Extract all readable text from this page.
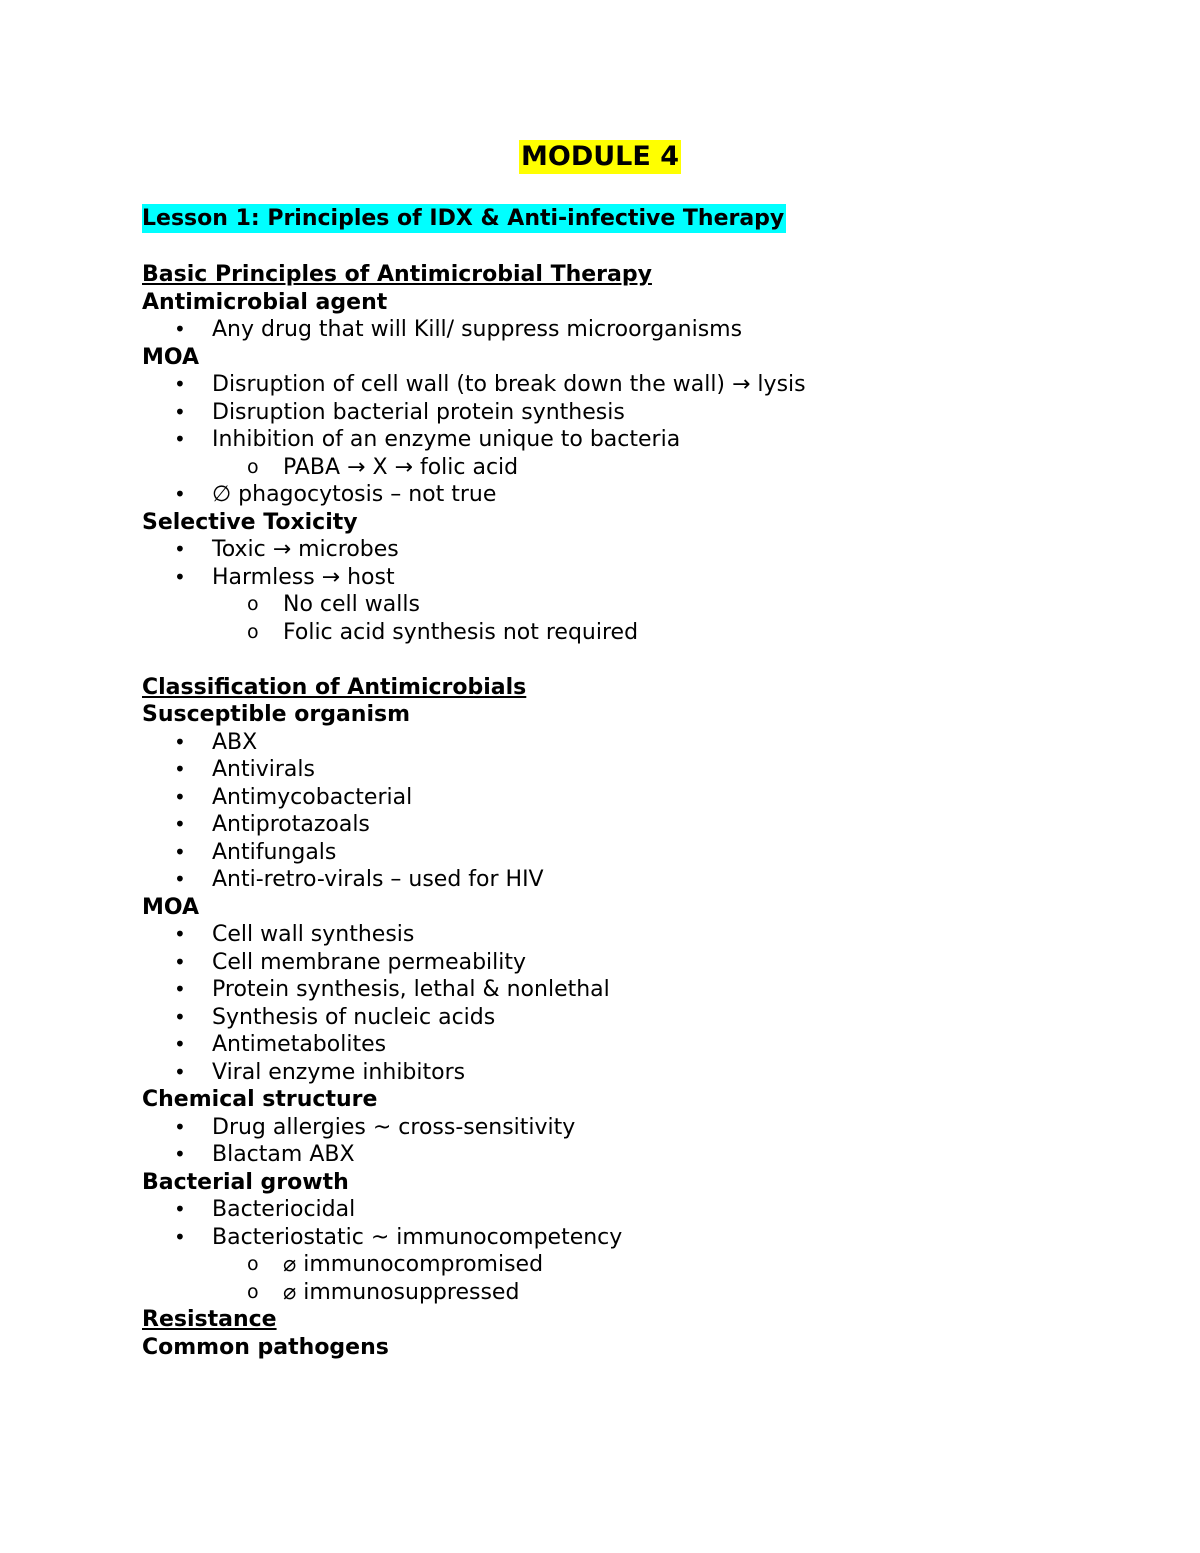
MODULE 4
Lesson 1: Principles of IDX & Anti-infective Therapy
Basic Principles of Antimicrobial Therapy
Antimicrobial agent
• Any drug that will Kill/ suppress microorganisms
MOA
• Disruption of cell wall (to break down the wall) → lysis
• Disruption bacterial protein synthesis
• Inhibition of an enzyme unique to bacteria
o PABA → X → folic acid
• ∅ phagocytosis – not true
Selective Toxicity
• Toxic → microbes
• Harmless → host
o No cell walls
o Folic acid synthesis not required
Classification of Antimicrobials
Susceptible organism
• ABX
• Antivirals
• Antimycobacterial
• Antiprotazoals
• Antifungals
• Anti-retro-virals – used for HIV
MOA
• Cell wall synthesis
• Cell membrane permeability
• Protein synthesis, lethal & nonlethal
• Synthesis of nucleic acids
• Antimetabolites
• Viral enzyme inhibitors
Chemical structure
• Drug allergies ~ cross-sensitivity
• Blactam ABX
Bacterial growth
• Bacteriocidal
• Bacteriostatic ~ immunocompetency
o ⌀ immunocompromised
o ⌀ immunosuppressed
Resistance
Common pathogens
